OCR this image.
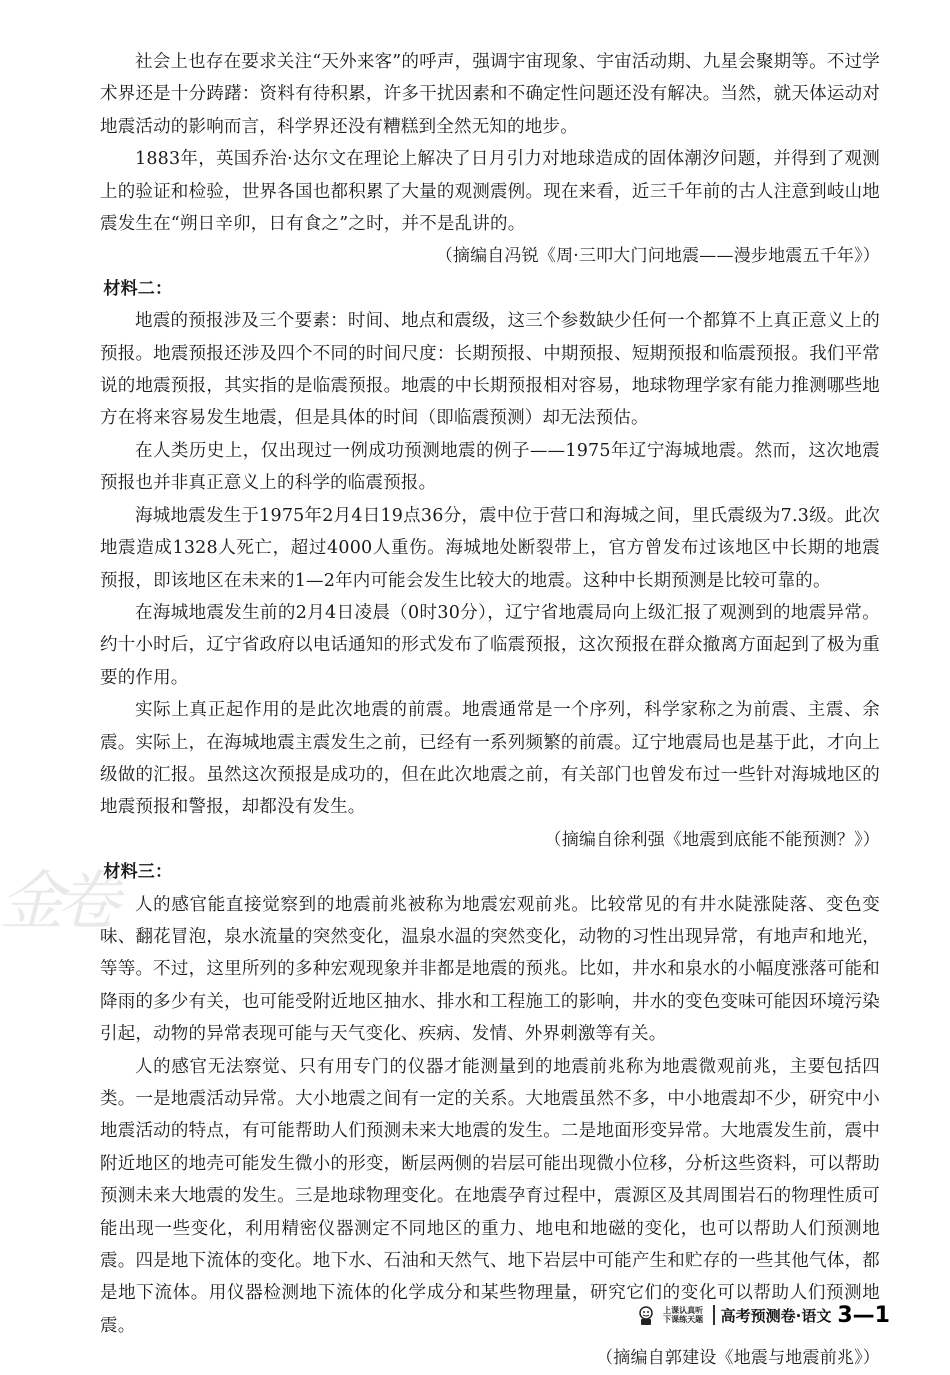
金卷

社会上也存在要求关注“天外来客”的呼声，强调宇宙现象、宇宙活动期、九星会聚期等。不过学术界还是十分踌躇：资料有待积累，许多干扰因素和不确定性问题还没有解决。当然，就天体运动对地震活动的影响而言，科学界还没有糟糕到全然无知的地步。

1883年，英国乔治·达尔文在理论上解决了日月引力对地球造成的固体潮汐问题，并得到了观测上的验证和检验，世界各国也都积累了大量的观测震例。现在来看，近三千年前的古人注意到岐山地震发生在“朔日辛卯，日有食之”之时，并不是乱讲的。

（摘编自冯锐《周·三叩大门问地震——漫步地震五千年》）

材料二：

地震的预报涉及三个要素：时间、地点和震级，这三个参数缺少任何一个都算不上真正意义上的预报。地震预报还涉及四个不同的时间尺度：长期预报、中期预报、短期预报和临震预报。我们平常说的地震预报，其实指的是临震预报。地震的中长期预报相对容易，地球物理学家有能力推测哪些地方在将来容易发生地震，但是具体的时间（即临震预测）却无法预估。

在人类历史上，仅出现过一例成功预测地震的例子——1975年辽宁海城地震。然而，这次地震预报也并非真正意义上的科学的临震预报。

海城地震发生于1975年2月4日19点36分，震中位于营口和海城之间，里氏震级为7.3级。此次地震造成1328人死亡，超过4000人重伤。海城地处断裂带上，官方曾发布过该地区中长期的地震预报，即该地区在未来的1—2年内可能会发生比较大的地震。这种中长期预测是比较可靠的。

在海城地震发生前的2月4日凌晨（0时30分），辽宁省地震局向上级汇报了观测到的地震异常。约十小时后，辽宁省政府以电话通知的形式发布了临震预报，这次预报在群众撤离方面起到了极为重要的作用。

实际上真正起作用的是此次地震的前震。地震通常是一个序列，科学家称之为前震、主震、余震。实际上，在海城地震主震发生之前，已经有一系列频繁的前震。辽宁地震局也是基于此，才向上级做的汇报。虽然这次预报是成功的，但在此次地震之前，有关部门也曾发布过一些针对海城地区的地震预报和警报，却都没有发生。

（摘编自徐利强《地震到底能不能预测？》）

材料三：

人的感官能直接觉察到的地震前兆被称为地震宏观前兆。比较常见的有井水陡涨陡落、变色变味、翻花冒泡，泉水流量的突然变化，温泉水温的突然变化，动物的习性出现异常，有地声和地光，等等。不过，这里所列的多种宏观现象并非都是地震的预兆。比如，井水和泉水的小幅度涨落可能和降雨的多少有关，也可能受附近地区抽水、排水和工程施工的影响，井水的变色变味可能因环境污染引起，动物的异常表现可能与天气变化、疾病、发情、外界刺激等有关。

人的感官无法察觉、只有用专门的仪器才能测量到的地震前兆称为地震微观前兆，主要包括四类。一是地震活动异常。大小地震之间有一定的关系。大地震虽然不多，中小地震却不少，研究中小地震活动的特点，有可能帮助人们预测未来大地震的发生。二是地面形变异常。大地震发生前，震中附近地区的地壳可能发生微小的形变，断层两侧的岩层可能出现微小位移，分析这些资料，可以帮助预测未来大地震的发生。三是地球物理变化。在地震孕育过程中，震源区及其周围岩石的物理性质可能出现一些变化，利用精密仪器测定不同地区的重力、地电和地磁的变化，也可以帮助人们预测地震。四是地下流体的变化。地下水、石油和天然气、地下岩层中可能产生和贮存的一些其他气体，都是地下流体。用仪器检测地下流体的化学成分和某些物理量，研究它们的变化可以帮助人们预测地震。

（摘编自郭建设《地震与地震前兆》）

上课认真听
下课练天题 高考预测卷·语文 3—1
